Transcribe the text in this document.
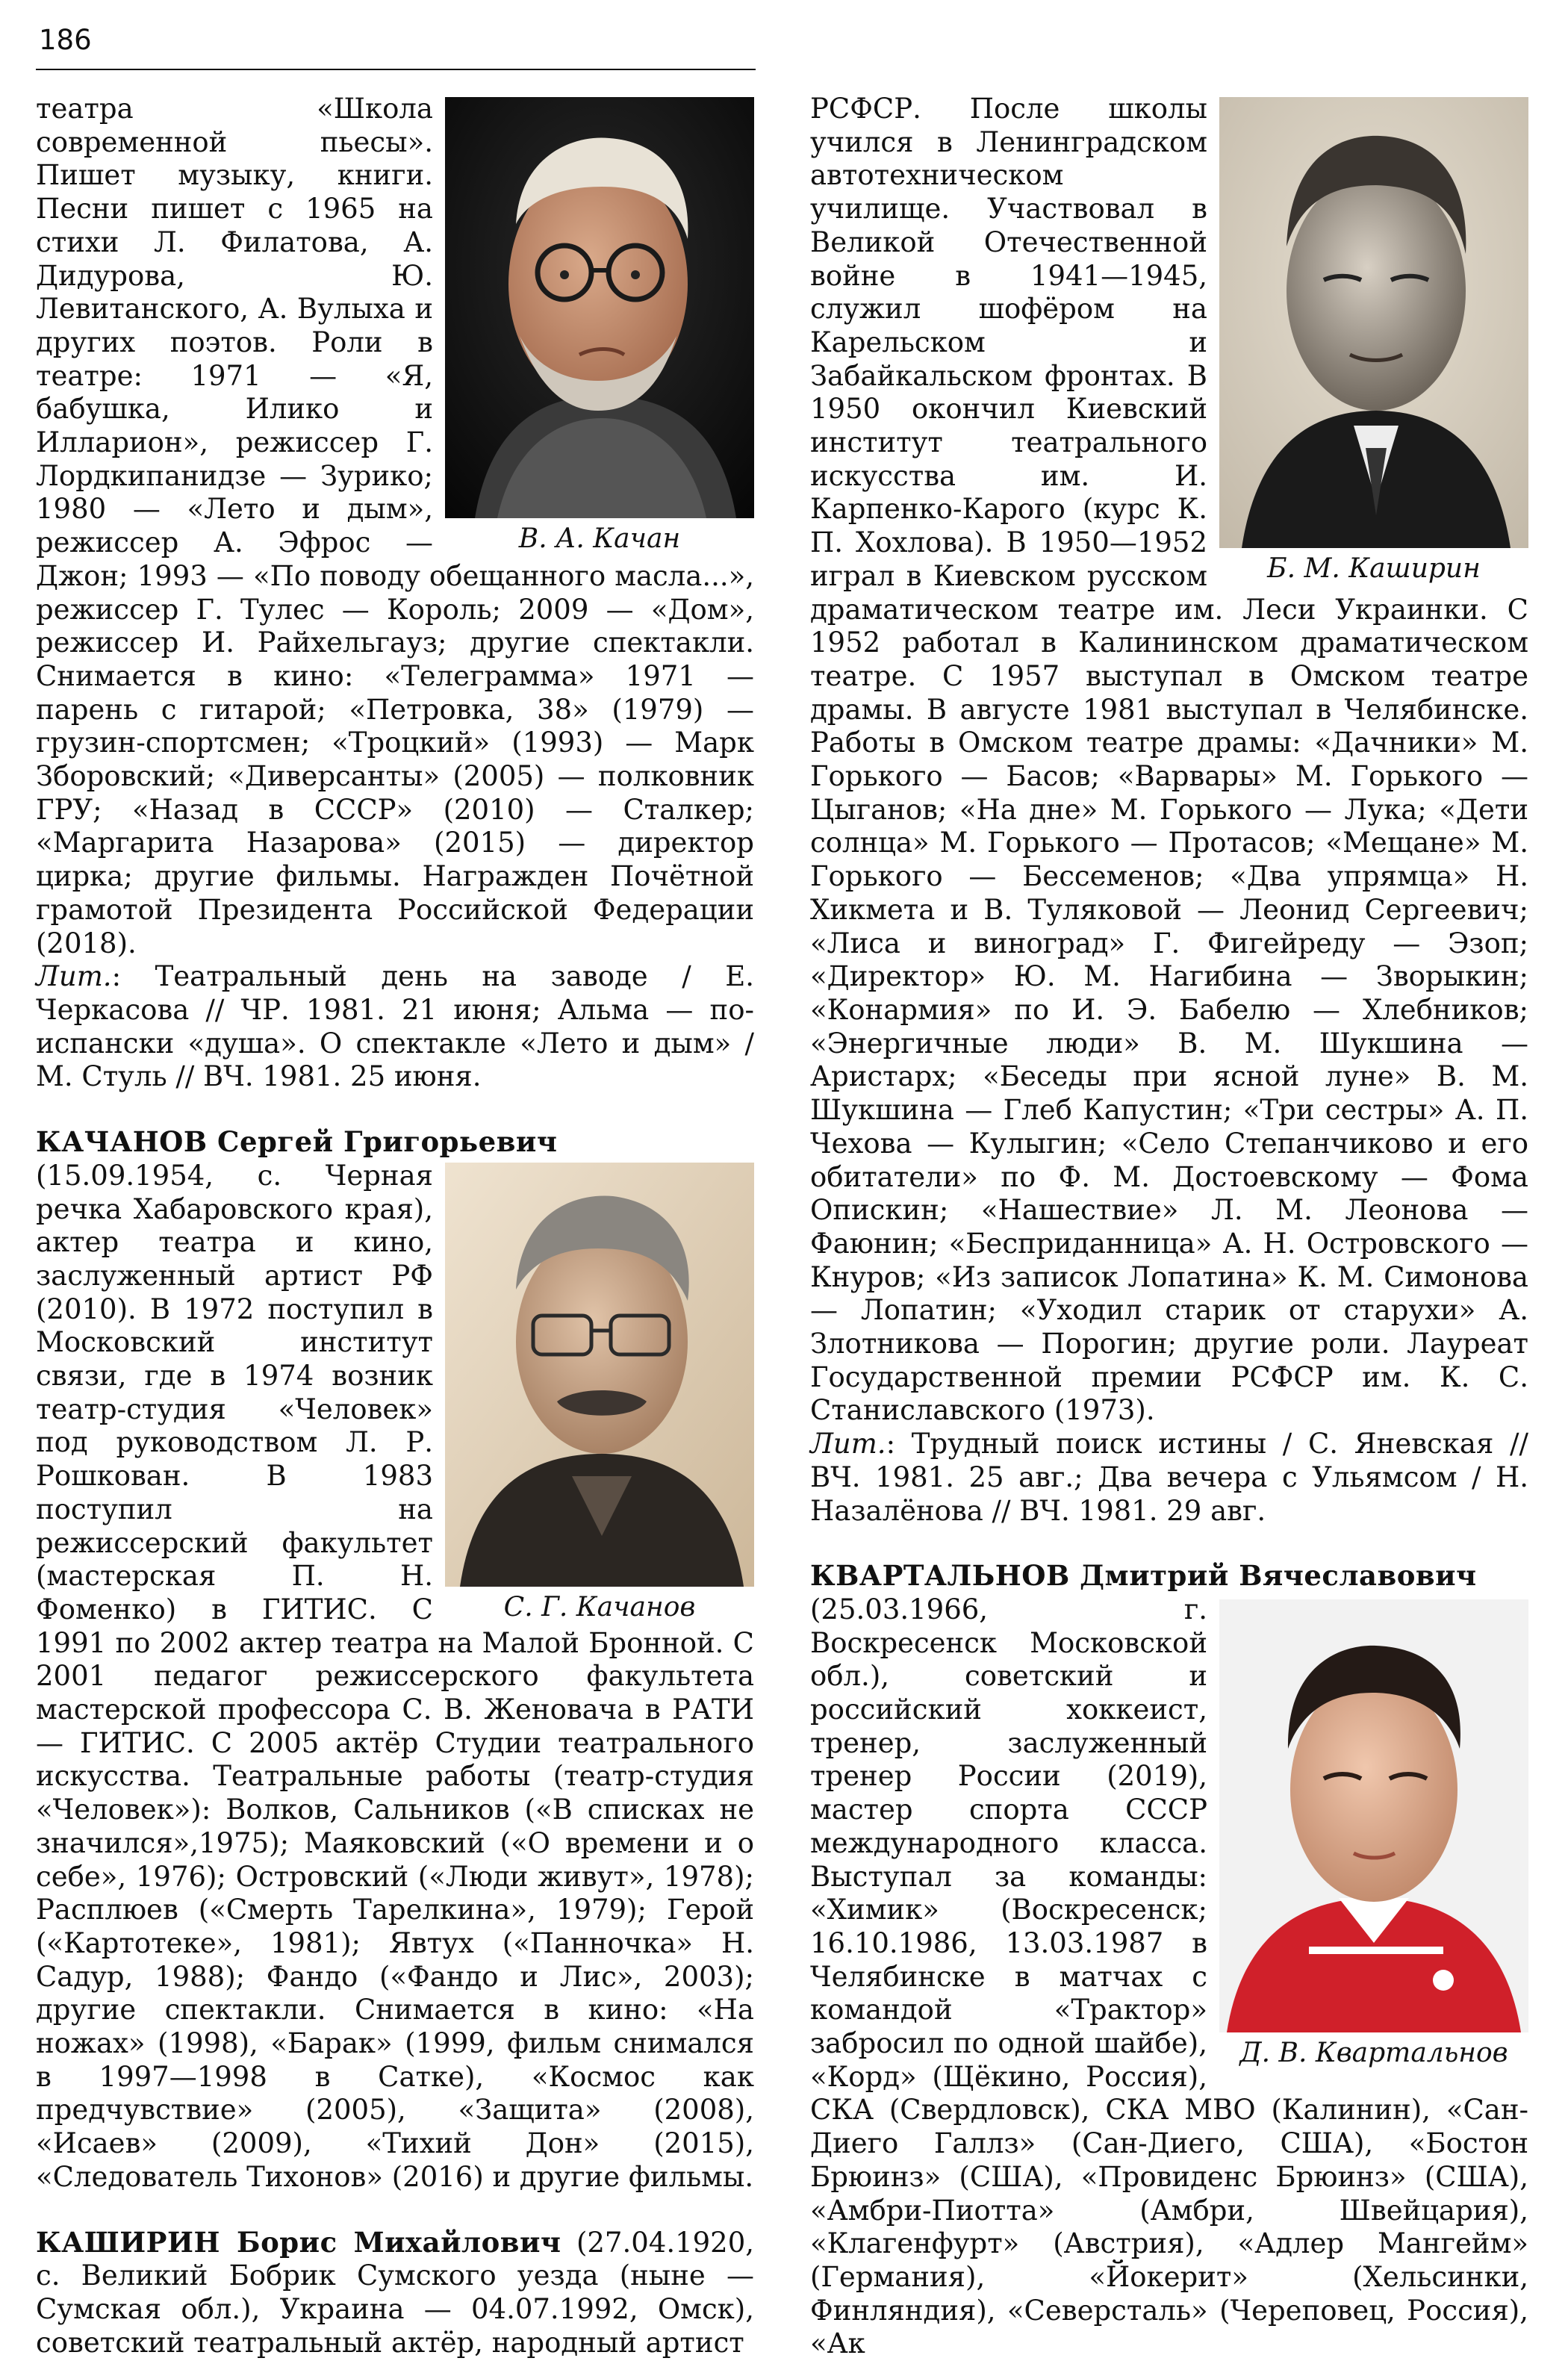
186
В. А. Качан

театра «Школа современной пьесы». Пишет музыку, книги. Песни пишет с 1965 на стихи Л. Филатова, А. Дидурова, Ю. Левитанского, А. Вулыха и других поэтов. Роли в театре: 1971 — «Я, бабушка, Илико и Илларион», режиссер Г. Лордкипанидзе — Зурико; 1980 — «Лето и дым», режиссер А. Эфрос — Джон; 1993 — «По поводу обещанного масла...», режиссер Г. Тулес — Король; 2009 — «Дом», режиссер И. Райхельгауз; другие спектакли. Снимается в кино: «Телеграмма» 1971 — парень с гитарой; «Петровка, 38» (1979) — грузин-спортсмен; «Троцкий» (1993) — Марк Зборовский; «Диверсанты» (2005) — полковник ГРУ; «Назад в СССР» (2010) — Сталкер; «Маргарита Назарова» (2015) — директор цирка; другие фильмы. Награжден Почётной грамотой Президента Российской Федерации (2018).

Лит.: Театральный день на заводе / Е. Черкасова // ЧР. 1981. 21 июня; Альма — по-испански «душа». О спектакле «Лето и дым» / М. Стуль // ВЧ. 1981. 25 июня.

КАЧАНОВ Сергей Григорьевич

С. Г. Качанов

(15.09.1954, с. Черная речка Хабаровского края), актер театра и кино, заслуженный артист РФ (2010). В 1972 поступил в Московский институт связи, где в 1974 возник театр-студия «Человек» под руководством Л. Р. Рошкован. В 1983 поступил на режиссерский факультет (мастерская П. Н. Фоменко) в ГИТИС. С 1991 по 2002 актер театра на Малой Бронной. С 2001 педагог режиссерского факультета мастерской профессора С. В. Женовача в РАТИ — ГИТИС. С 2005 актёр Студии театрального искусства. Театральные работы (театр-студия «Человек»): Волков, Сальников («В списках не значился»,1975); Маяковский («О времени и о себе», 1976); Островский («Люди живут», 1978); Расплюев («Смерть Тарелкина», 1979); Герой («Картотеке», 1981); Явтух («Панночка» Н. Садур, 1988); Фандо («Фандо и Лис», 2003); другие спектакли. Снимается в кино: «На ножах» (1998), «Барак» (1999, фильм снимался в 1997—1998 в Сатке), «Космос как предчувствие» (2005), «Защита» (2008), «Исаев» (2009), «Тихий Дон» (2015), «Следователь Тихонов» (2016) и другие фильмы.

КАШИРИН Борис Михайлович (27.04.1920, с. Великий Бобрик Сумского уезда (ныне — Сумская обл.), Украина — 04.07.1992, Омск), советский театральный актёр, народный артист

Б. М. Каширин

РСФСР. После школы учился в Ленинградском автотехническом училище. Участвовал в Великой Отечественной войне в 1941—1945, служил шофёром на Карельском и Забайкальском фронтах. В 1950 окончил Киевский институт театрального искусства им. И. Карпенко-Карого (курс К. П. Хохлова). В 1950—1952 играл в Киевском русском драматическом театре им. Леси Украинки. С 1952 работал в Калининском драматическом театре. С 1957 выступал в Омском театре драмы. В августе 1981 выступал в Челябинске. Работы в Омском театре драмы: «Дачники» М. Горького — Басов; «Варвары» М. Горького — Цыганов; «На дне» М. Горького — Лука; «Дети солнца» М. Горького — Протасов; «Мещане» М. Горького — Бессеменов; «Два упрямца» Н. Хикмета и В. Туляковой — Леонид Сергеевич; «Лиса и виноград» Г. Фигейреду — Эзоп; «Директор» Ю. М. Нагибина — Зворыкин; «Конармия» по И. Э. Бабелю — Хлебников; «Энергичные люди» В. М. Шукшина — Аристарх; «Беседы при ясной луне» В. М. Шукшина — Глеб Капустин; «Три сестры» А. П. Чехова — Кулыгин; «Село Степанчиково и его обитатели» по Ф. М. Достоевскому — Фома Опискин; «Нашествие» Л. М. Леонова — Фаюнин; «Бесприданница» А. Н. Островского — Кнуров; «Из записок Лопатина» К. М. Симонова — Лопатин; «Уходил старик от старухи» А. Злотникова — Порогин; другие роли. Лауреат Государственной премии РСФСР им. К. С. Станиславского (1973).

Лит.: Трудный поиск истины / С. Яневская // ВЧ. 1981. 25 авг.; Два вечера с Ульямсом / Н. Назалёнова // ВЧ. 1981. 29 авг.

КВАРТАЛЬНОВ Дмитрий Вячеславович

Д. В. Квартальнов

(25.03.1966, г. Воскресенск Московской обл.), советский и российский хоккеист, тренер, заслуженный тренер России (2019), мастер спорта СССР международного класса. Выступал за команды: «Химик» (Воскресенск; 16.10.1986, 13.03.1987 в Челябинске в матчах с командой «Трактор» забросил по одной шайбе), «Корд» (Щёкино, Россия), СКА (Свердловск), СКА МВО (Калинин), «Сан-Диего Галлз» (Сан-Диего, США), «Бостон Брюинз» (США), «Провиденс Брюинз» (США), «Амбри-Пиотта» (Амбри, Швейцария), «Клагенфурт» (Австрия), «Адлер Мангейм» (Германия), «Йокерит» (Хельсинки, Финляндия), «Северсталь» (Череповец, Россия), «Ак
